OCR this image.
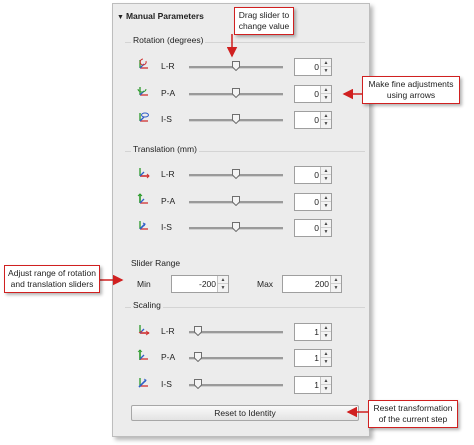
▼ Manual Parameters
Rotation (degrees)
L-R	0 ▲
▼
P-A	0 ▲
▼
I-S	0 ▲
▼
Translation (mm)
L-R	0 ▲
▼
P-A	0 ▲
▼
I-S	0 ▲
▼
Slider Range
Min	-200 ▲
▼	Max	200 ▲
▼
Scaling
L-R	1 ▲
▼
P-A	1 ▲
▼
I-S	1 ▲
▼
Reset to Identity
Drag slider to change value
Make fine adjustments using arrows
Adjust range of rotation and translation sliders
Reset transformation of the current step
